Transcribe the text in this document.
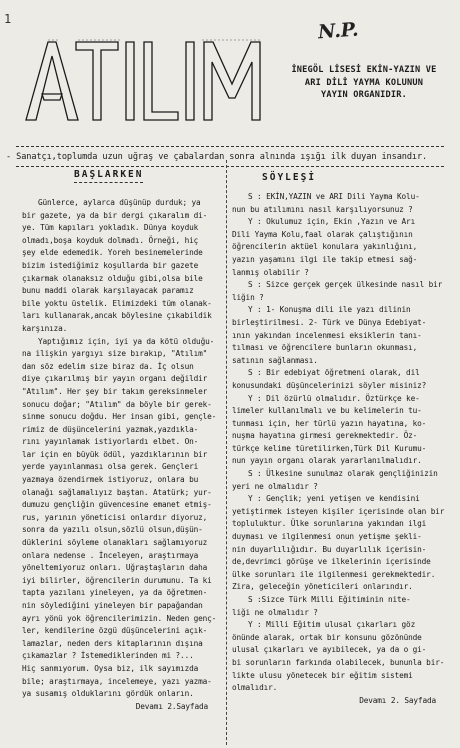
1	N.P.
İNEGÖL LİSESİ EKİN-YAZIN VE
ARI DİLİ YAYMA KOLUNUN
YAYIN ORGANIDIR.
- Sanatçı,toplumda uzun uğraş ve çabalardan sonra alnında ışığı ilk duyan insandır.
BAŞLARKEN	SÖYLEŞİ
Günlerce, aylarca düşünüp durduk; ya
bir gazete, ya da bir dergi çıkaralım di-
ye. Tüm kapıları yokladık. Dünya koyduk
olmadı,boşa koyduk dolmadı. Örneği, hiç
şey elde edemedik. Yoreh besinemelerinde
bizim istediğimiz koşullarda bir gazete
çıkarmak olanaksız olduğu gibi,olsa bile
bunu maddi olarak karşılayacak paramız
bile yoktu üstelik. Elimizdeki tüm olanak-
ları kullanarak,ancak böylesine çıkabildik
karşınıza.
Yaptığımız için, iyi ya da kötü olduğu-
na ilişkin yargıyı size bırakıp, "Atılım"
dan söz edelim size biraz da. İç olsun
diye çıkarılmış bir yayın organı değildir
"Atılım". Her şey bir takım gereksinmeler
sonucu doğar; "Atılım" da böyle bir gerek-
sinme sonucu doğdu. Her insan gibi, gençle-
rimiz de düşüncelerini yazmak,yazdıkla-
rını yayınlamak istiyorlardı elbet. On-
lar için en büyük ödül, yazdıklarının bir
yerde yayınlanması olsa gerek. Gençleri
yazmaya özendirmek istiyoruz, onlara bu
olanağı sağlamalıyız baştan. Atatürk; yur-
dumuzu gençliğin güvencesine emanet etmiş-
rus, yarının yöneticisi onlardır diyoruz,
sonra da yazılı olsun,sözlü olsun,düşün-
düklerini söyleme olanakları sağlamıyoruz
onlara nedense . İnceleyen, araştırmaya
yöneltemiyoruz onları. Uğraştaşların daha
iyi bilirler, öğrencilerin durumunu. Ta ki
tapta yazılanı yineleyen, ya da öğretmen-
nin söylediğini yineleyen bir papağandan
ayrı yönü yok öğrencilerimizin. Neden genç-
ler, kendilerine özgü düşüncelerini açık-
lamazlar, neden ders kitaplarının dışına
çıkamazlar ? İstemediklerinden mi ?...
Hiç sanmıyorum. Oysa biz, ilk sayımızda
bile; araştırmaya, incelemeye, yazı yazma-
ya susamış olduklarını gördük onların.
Devamı 2.Sayfada
S : EKİN,YAZIN ve ARI Dili Yayma Kolu-
nun bu atılımını nasıl karşılıyorsunuz ?
Y : Okulumuz için, Ekin ,Yazın ve Arı
Dili Yayma Kolu,faal olarak çalıştığının
öğrencilerin aktüel konulara yakınlığını,
yazın yaşamını ilgi ile takip etmesi sağ-
lanmış olabilir ?
S : Sizce gerçek gerçek ülkesinde nasıl bir
liğin ?
Y : 1- Konuşma dili ile yazı dilinin
birleştirilmesi. 2- Türk ve Dünya Edebiyat-
ının yakından incelenmesi eksiklerin tanı-
tılması ve öğrencilere bunların okunması,
satının sağlanması.
S : Bir edebiyat öğretmeni olarak, dil
konusundaki düşüncelerinizi söyler misiniz?
Y : Dil özürlü olmalıdır. Öztürkçe ke-
limeler kullanılmalı ve bu kelimelerin tu-
tunması için, her türlü yazın hayatına, ko-
nuşma hayatına girmesi gerekmektedir. Öz-
türkçe kelime türetilirken,Türk Dil Kurumu-
nun yayın organı olarak yararlanılmalıdır.
S : Ülkesine sunulmaz olarak gençliğinizin
yeri ne olmalıdır ?
Y : Gençlik; yeni yetişen ve kendisini
yetiştirmek isteyen kişiler içerisinde olan bir
topluluktur. Ülke sorunlarına yakından ilgi
duyması ve ilgilenmesi onun yetişme şekli-
nin duyarlılığıdır. Bu duyarlılık içerisin-
de,devrimci görüşe ve ilkelerinin içerisinde
ülke sorunları ile ilgilenmesi gerekmektedir.
Zira, geleceğin yöneticileri onlarındır.
S :Sizce Türk Milli Eğitiminin nite-
liği ne olmalıdır ?
Y : Milli Eğitim ulusal çıkarları göz
önünde alarak, ortak bir konsunu gözönünde
ulusal çıkarları ve ayıbilecek, ya da o gi-
bi sorunların farkında olabilecek, bununla bir-
likte ulusu yönetecek bir eğitim sistemi
olmalıdır.
Devamı 2. Sayfada
